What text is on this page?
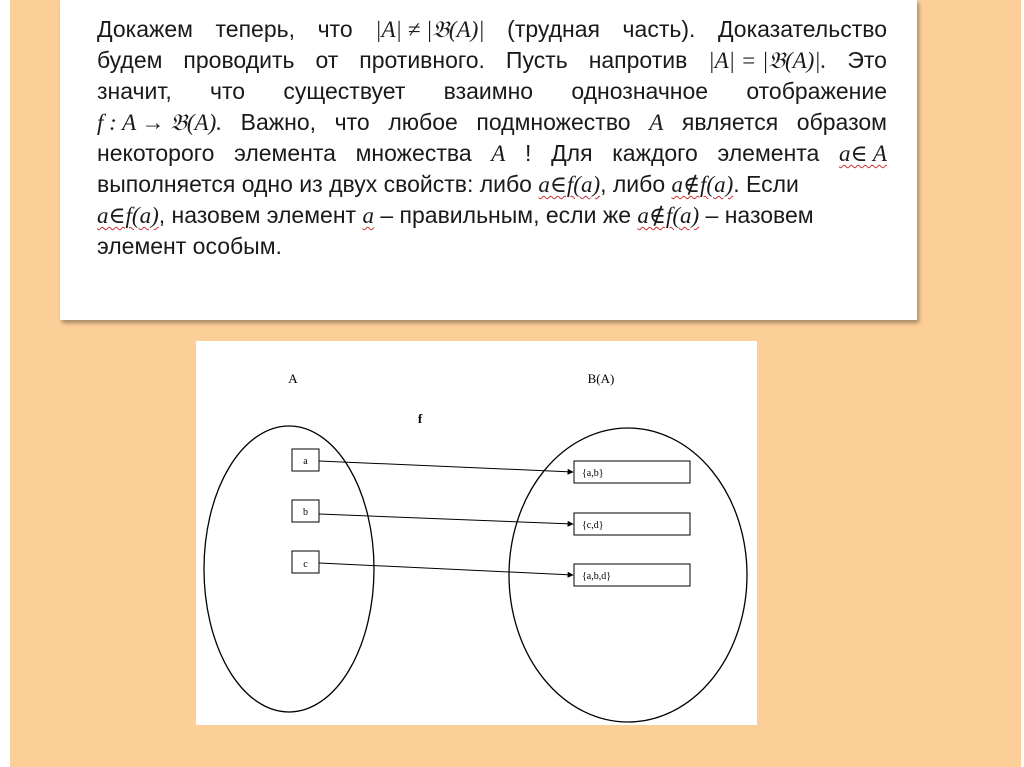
Докажем теперь, что |A| ≠ |𝔅(A)| (трудная часть). Доказательство
будем проводить от противного. Пусть напротив |A| = |𝔅(A)|. Это
значит, что существует взаимно однозначное отображение
f : A → 𝔅(A). Важно, что любое подмножество A является образом
некоторого элемента множества A ! Для каждого элемента a∈ A
выполняется одно из двух свойств: либо a∈f(a), либо a∉f(a). Если
a∈f(a), назовем элемент a – правильным, если же a∉f(a) – назовем
элемент особым.
A	B(A)
f
a
b
c
{a,b}
{c,d}
{a,b,d}
